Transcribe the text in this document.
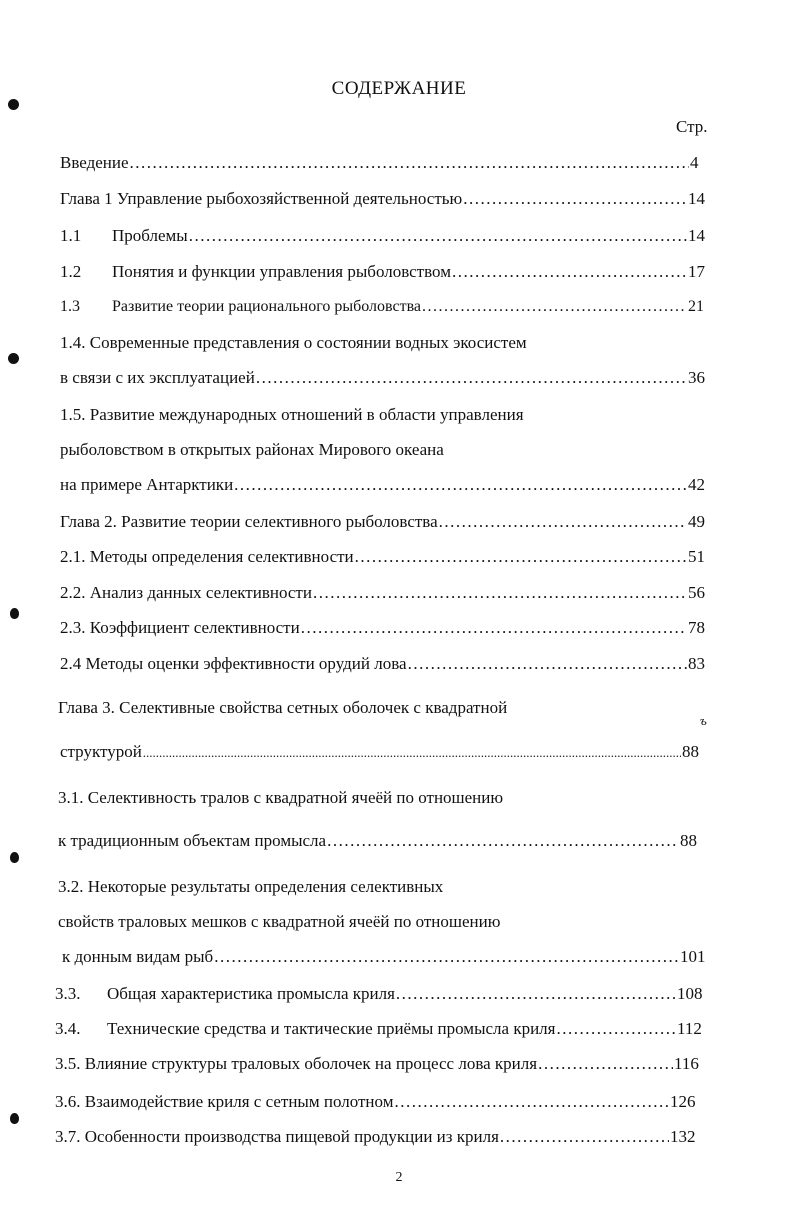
СОДЕРЖАНИЕ
Стр.
Введение .....	4
Глава 1 Управление рыбохозяйственной деятельностью .....	14
1.1 Проблемы .....	14
1.2 Понятия и функции управления рыболовством .....	17
1.3 Развитие теории рационального рыболовства .....	21
1.4. Современные представления о состоянии водных экосистем
в связи с их эксплуатацией .....	36
1.5. Развитие международных отношений в области управления
рыболовством в открытых районах Мирового океана
на примере Антарктики .....	42
Глава 2. Развитие теории селективного рыболовства .....	49
2.1. Методы определения селективности .....	51
2.2. Анализ данных селективности .....	56
2.3. Коэффициент селективности .....	78
2.4 Методы оценки эффективности орудий лова .....	83
Глава 3. Селективные свойства сетных оболочек с квадратной
структурой .....	88
3.1. Селективность тралов с квадратной ячеёй по отношению
к традиционным объектам промысла .....	88
3.2. Некоторые результаты определения селективных
свойств траловых мешков с квадратной ячеёй по отношению
к донным видам рыб .....	101
3.3. Общая характеристика промысла криля .....	108
3.4. Технические средства и тактические приёмы промысла криля .....	112
3.5. Влияние структуры траловых оболочек на процесс лова криля .....	116
3.6. Взаимодействие криля с сетным полотном .....	126
3.7. Особенности производства пищевой продукции из криля .....	132
2
ъ
